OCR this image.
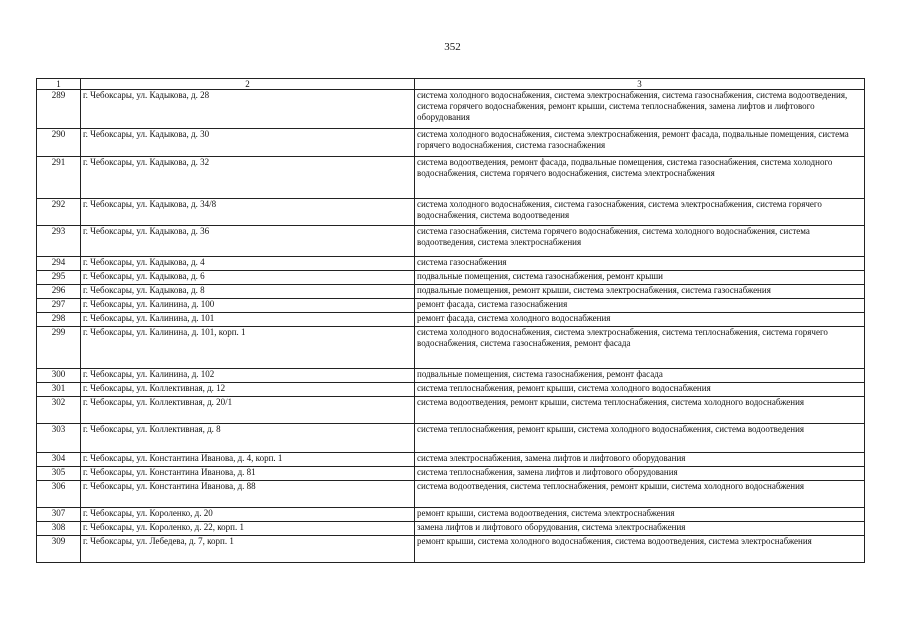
352
1	2	3
289	г. Чебоксары, ул. Кадыкова, д. 28	система холодного водоснабжения, система электроснабжения, система газоснабжения, система водоотведения, система горячего водоснабжения, ремонт крыши, система теплоснабжения, замена лифтов и лифтового оборудования
290	г. Чебоксары, ул. Кадыкова, д. 30	система холодного водоснабжения, система электроснабжения, ремонт фасада, подвальные помещения, система горячего водоснабжения, система газоснабжения
291	г. Чебоксары, ул. Кадыкова, д. 32	система водоотведения, ремонт фасада, подвальные помещения, система газоснабжения, система холодного водоснабжения, система горячего водоснабжения, система электроснабжения
292	г. Чебоксары, ул. Кадыкова, д. 34/8	система холодного водоснабжения, система газоснабжения, система электроснабжения, система горячего водоснабжения, система водоотведения
293	г. Чебоксары, ул. Кадыкова, д. 36	система газоснабжения, система горячего водоснабжения, система холодного водоснабжения, система водоотведения, система электроснабжения
294	г. Чебоксары, ул. Кадыкова, д. 4	система газоснабжения
295	г. Чебоксары, ул. Кадыкова, д. 6	подвальные помещения, система газоснабжения, ремонт крыши
296	г. Чебоксары, ул. Кадыкова, д. 8	подвальные помещения, ремонт крыши, система электроснабжения, система газоснабжения
297	г. Чебоксары, ул. Калинина, д. 100	ремонт фасада, система газоснабжения
298	г. Чебоксары, ул. Калинина, д. 101	ремонт фасада, система холодного водоснабжения
299	г. Чебоксары, ул. Калинина, д. 101, корп. 1	система холодного водоснабжения, система электроснабжения, система теплоснабжения, система горячего водоснабжения, система газоснабжения, ремонт фасада
300	г. Чебоксары, ул. Калинина, д. 102	подвальные помещения, система газоснабжения, ремонт фасада
301	г. Чебоксары, ул. Коллективная, д. 12	система теплоснабжения, ремонт крыши, система холодного водоснабжения
302	г. Чебоксары, ул. Коллективная, д. 20/1	система водоотведения, ремонт крыши, система теплоснабжения, система холодного водоснабжения
303	г. Чебоксары, ул. Коллективная, д. 8	система теплоснабжения, ремонт крыши, система холодного водоснабжения, система водоотведения
304	г. Чебоксары, ул. Константина Иванова, д. 4, корп. 1	система электроснабжения, замена лифтов и лифтового оборудования
305	г. Чебоксары, ул. Константина Иванова, д. 81	система теплоснабжения, замена лифтов и лифтового оборудования
306	г. Чебоксары, ул. Константина Иванова, д. 88	система водоотведения, система теплоснабжения, ремонт крыши, система холодного водоснабжения
307	г. Чебоксары, ул. Короленко, д. 20	ремонт крыши, система водоотведения, система электроснабжения
308	г. Чебоксары, ул. Короленко, д. 22, корп. 1	замена лифтов и лифтового оборудования, система электроснабжения
309	г. Чебоксары, ул. Лебедева, д. 7, корп. 1	ремонт крыши, система холодного водоснабжения, система водоотведения, система электроснабжения
